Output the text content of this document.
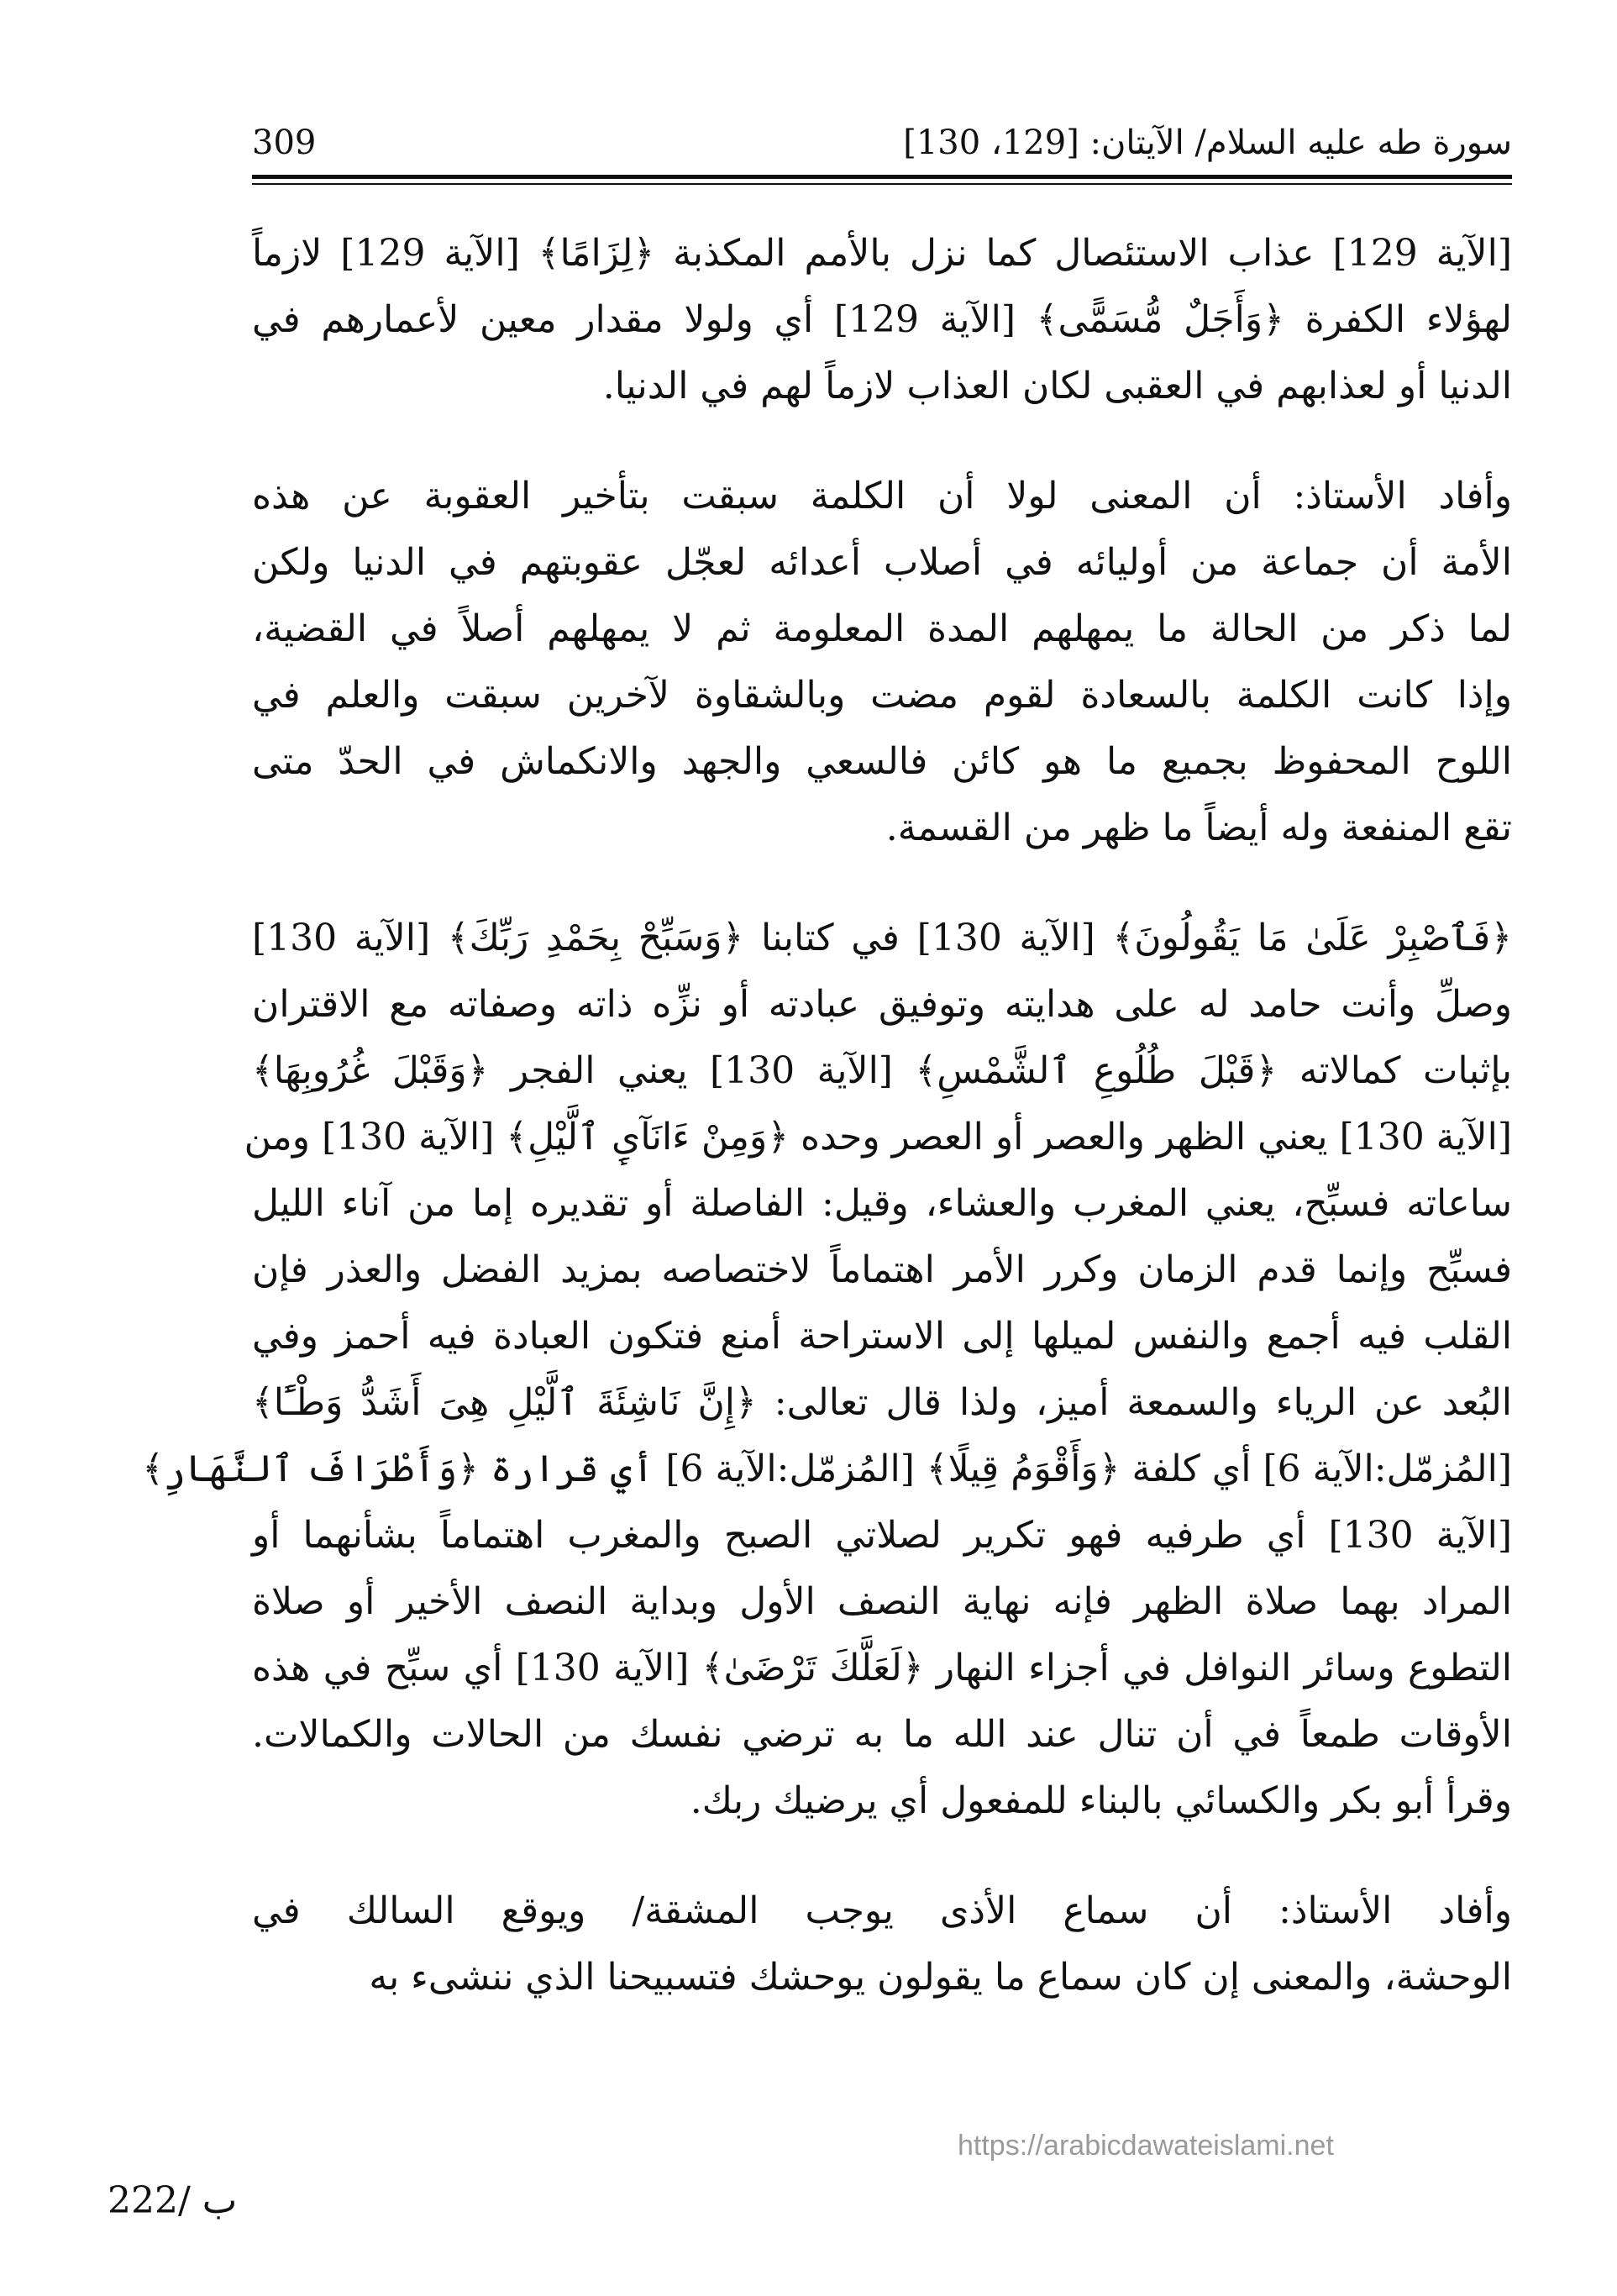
سورة طه عليه السلام/ الآيتان: [129، 130]
309
[الآية 129] عذاب الاستئصال كما نزل بالأمم المكذبة ﴿لِزَامًا﴾ [الآية 129] لازماً
لهؤلاء الكفرة ﴿وَأَجَلٌ مُّسَمًّى﴾ [الآية 129] أي ولولا مقدار معين لأعمارهم في
الدنيا أو لعذابهم في العقبى لكان العذاب لازماً لهم في الدنيا.
وأفاد الأستاذ: أن المعنى لولا أن الكلمة سبقت بتأخير العقوبة عن هذه
الأمة أن جماعة من أوليائه في أصلاب أعدائه لعجّل عقوبتهم في الدنيا ولكن
لما ذكر من الحالة ما يمهلهم المدة المعلومة ثم لا يمهلهم أصلاً في القضية،
وإذا كانت الكلمة بالسعادة لقوم مضت وبالشقاوة لآخرين سبقت والعلم في
اللوح المحفوظ بجميع ما هو كائن فالسعي والجهد والانكماش في الحدّ متى
تقع المنفعة وله أيضاً ما ظهر من القسمة.
﴿فَٱصْبِرْ عَلَىٰ مَا يَقُولُونَ﴾ [الآية 130] في كتابنا ﴿وَسَبِّحْ بِحَمْدِ رَبِّكَ﴾ [الآية 130]
وصلِّ وأنت حامد له على هدايته وتوفيق عبادته أو نزِّه ذاته وصفاته مع الاقتران
بإثبات كمالاته ﴿قَبْلَ طُلُوعِ ٱلشَّمْسِ﴾ [الآية 130] يعني الفجر ﴿وَقَبْلَ غُرُوبِهَا﴾
[الآية 130] يعني الظهر والعصر أو العصر وحده ﴿وَمِنْ ءَانَآىِٕ ٱلَّيْلِ﴾ [الآية 130] ومن
ساعاته فسبِّح، يعني المغرب والعشاء، وقيل: الفاصلة أو تقديره إما من آناء الليل
فسبِّح وإنما قدم الزمان وكرر الأمر اهتماماً لاختصاصه بمزيد الفضل والعذر فإن
القلب فيه أجمع والنفس لميلها إلى الاستراحة أمنع فتكون العبادة فيه أحمز وفي
البُعد عن الرياء والسمعة أميز، ولذا قال تعالى: ﴿إِنَّ نَاشِئَةَ ٱلَّيْلِ هِىَ أَشَدُّ وَطْـًٔا﴾
[المُزمّل:الآية 6] أي كلفة ﴿وَأَقْوَمُ قِيلًا﴾ [المُزمّل:الآية 6] أي قرارة ﴿وَأَطْرَافَ ٱلنَّهَارِ﴾
[الآية 130] أي طرفيه فهو تكرير لصلاتي الصبح والمغرب اهتماماً بشأنهما أو
المراد بهما صلاة الظهر فإنه نهاية النصف الأول وبداية النصف الأخير أو صلاة
التطوع وسائر النوافل في أجزاء النهار ﴿لَعَلَّكَ تَرْضَىٰ﴾ [الآية 130] أي سبِّح في هذه
الأوقات طمعاً في أن تنال عند الله ما به ترضي نفسك من الحالات والكمالات.
وقرأ أبو بكر والكسائي بالبناء للمفعول أي يرضيك ربك.
وأفاد الأستاذ: أن سماع الأذى يوجب المشقة/ ويوقع السالك في
الوحشة، والمعنى إن كان سماع ما يقولون يوحشك فتسبيحنا الذي ننشىء به
222/ ب
https://arabicdawateislami.net
